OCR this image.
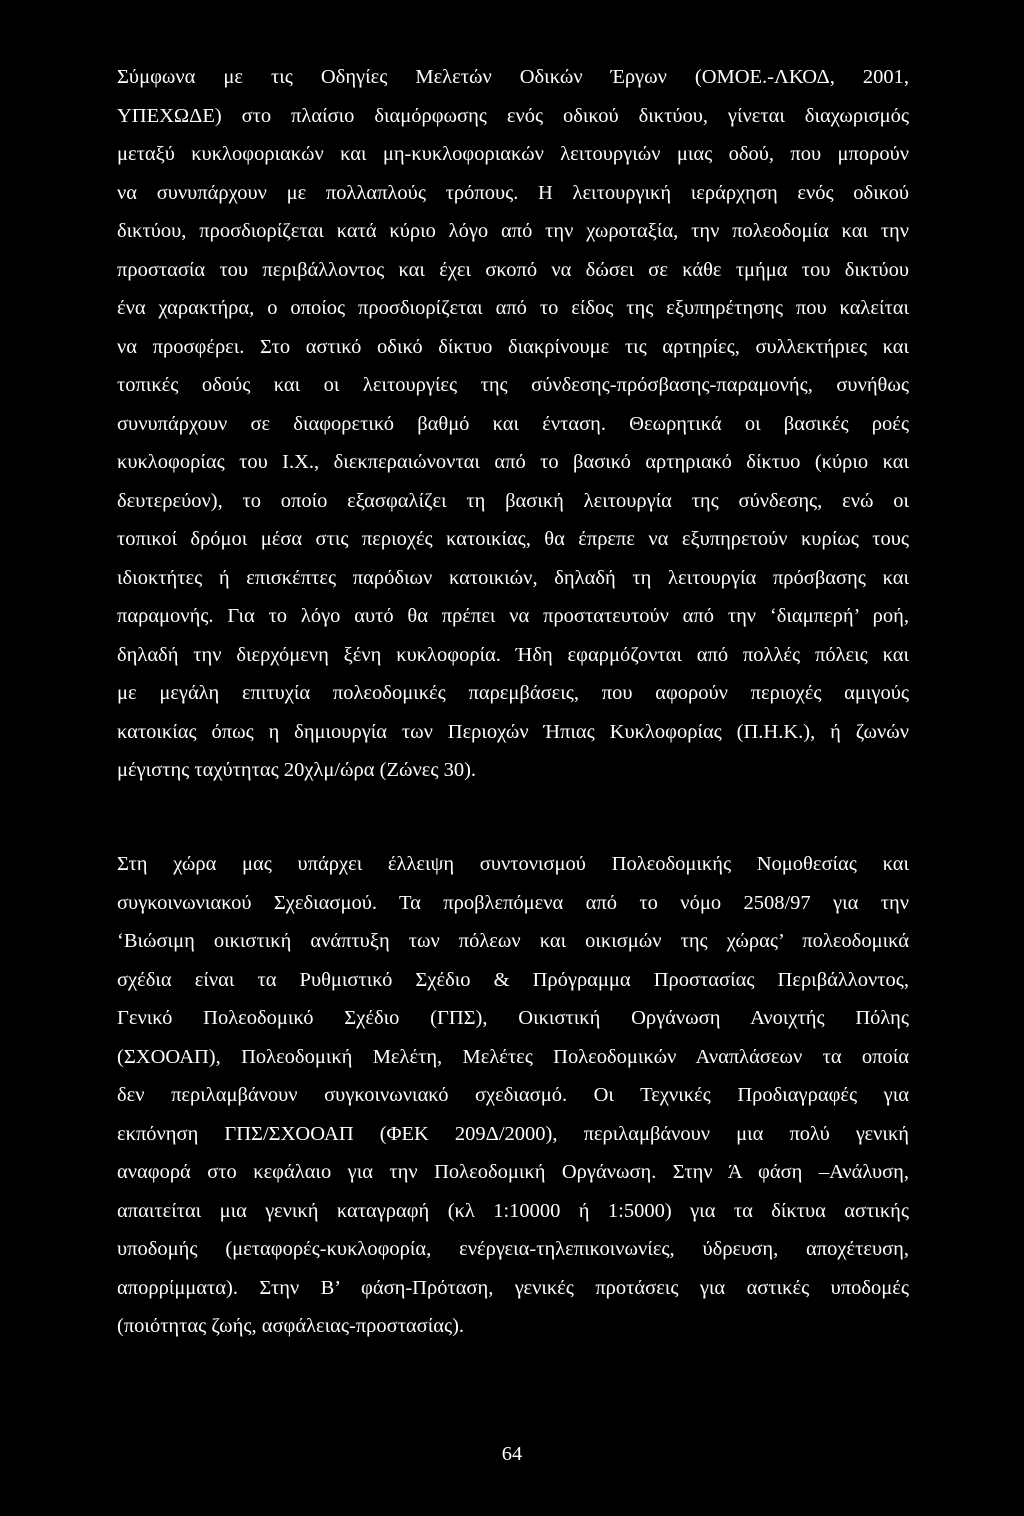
Σύμφωνα με τις Οδηγίες Μελετών Οδικών Έργων (ΟΜΟΕ.-ΛΚΟΔ, 2001,
ΥΠΕΧΩΔΕ) στο πλαίσιο διαμόρφωσης ενός οδικού δικτύου, γίνεται διαχωρισμός
μεταξύ κυκλοφοριακών και μη-κυκλοφοριακών λειτουργιών μιας οδού, που μπορούν
να συνυπάρχουν με πολλαπλούς τρόπους. Η λειτουργική ιεράρχηση ενός οδικού
δικτύου, προσδιορίζεται κατά κύριο λόγο από την χωροταξία, την πολεοδομία και την
προστασία του περιβάλλοντος και έχει σκοπό να δώσει σε κάθε τμήμα του δικτύου
ένα χαρακτήρα, ο οποίος προσδιορίζεται από το είδος της εξυπηρέτησης που καλείται
να προσφέρει. Στο αστικό οδικό δίκτυο διακρίνουμε τις αρτηρίες, συλλεκτήριες και
τοπικές οδούς και οι λειτουργίες της σύνδεσης-πρόσβασης-παραμονής, συνήθως
συνυπάρχουν σε διαφορετικό βαθμό και ένταση. Θεωρητικά οι βασικές ροές
κυκλοφορίας του Ι.Χ., διεκπεραιώνονται από το βασικό αρτηριακό δίκτυο (κύριο και
δευτερεύον), το οποίο εξασφαλίζει τη βασική λειτουργία της σύνδεσης, ενώ οι
τοπικοί δρόμοι μέσα στις περιοχές κατοικίας, θα έπρεπε να εξυπηρετούν κυρίως τους
ιδιοκτήτες ή επισκέπτες παρόδιων κατοικιών, δηλαδή τη λειτουργία πρόσβασης και
παραμονής. Για το λόγο αυτό θα πρέπει να προστατευτούν από την ‘διαμπερή’ ροή,
δηλαδή την διερχόμενη ξένη κυκλοφορία. Ήδη εφαρμόζονται από πολλές πόλεις και
με μεγάλη επιτυχία πολεοδομικές παρεμβάσεις, που αφορούν περιοχές αμιγούς
κατοικίας όπως η δημιουργία των Περιοχών Ήπιας Κυκλοφορίας (Π.Η.Κ.), ή ζωνών
μέγιστης ταχύτητας 20χλμ/ώρα (Ζώνες 30).
Στη χώρα μας υπάρχει έλλειψη συντονισμού Πολεοδομικής Νομοθεσίας και
συγκοινωνιακού Σχεδιασμού. Τα προβλεπόμενα από το νόμο 2508/97 για την
‘Βιώσιμη οικιστική ανάπτυξη των πόλεων και οικισμών της χώρας’ πολεοδομικά
σχέδια είναι τα Ρυθμιστικό Σχέδιο & Πρόγραμμα Προστασίας Περιβάλλοντος,
Γενικό Πολεοδομικό Σχέδιο (ΓΠΣ), Οικιστική Οργάνωση Ανοιχτής Πόλης
(ΣΧΟΟΑΠ), Πολεοδομική Μελέτη, Μελέτες Πολεοδομικών Αναπλάσεων τα οποία
δεν περιλαμβάνουν συγκοινωνιακό σχεδιασμό. Οι Τεχνικές Προδιαγραφές για
εκπόνηση ΓΠΣ/ΣΧΟΟΑΠ (ΦΕΚ 209Δ/2000), περιλαμβάνουν μια πολύ γενική
αναφορά στο κεφάλαιο για την Πολεοδομική Οργάνωση. Στην Ά φάση –Ανάλυση,
απαιτείται μια γενική καταγραφή (κλ 1:10000 ή 1:5000) για τα δίκτυα αστικής
υποδομής (μεταφορές-κυκλοφορία, ενέργεια-τηλεπικοινωνίες, ύδρευση, αποχέτευση,
απορρίμματα). Στην Β’ φάση-Πρόταση, γενικές προτάσεις για αστικές υποδομές
(ποιότητας ζωής, ασφάλειας-προστασίας).
64
